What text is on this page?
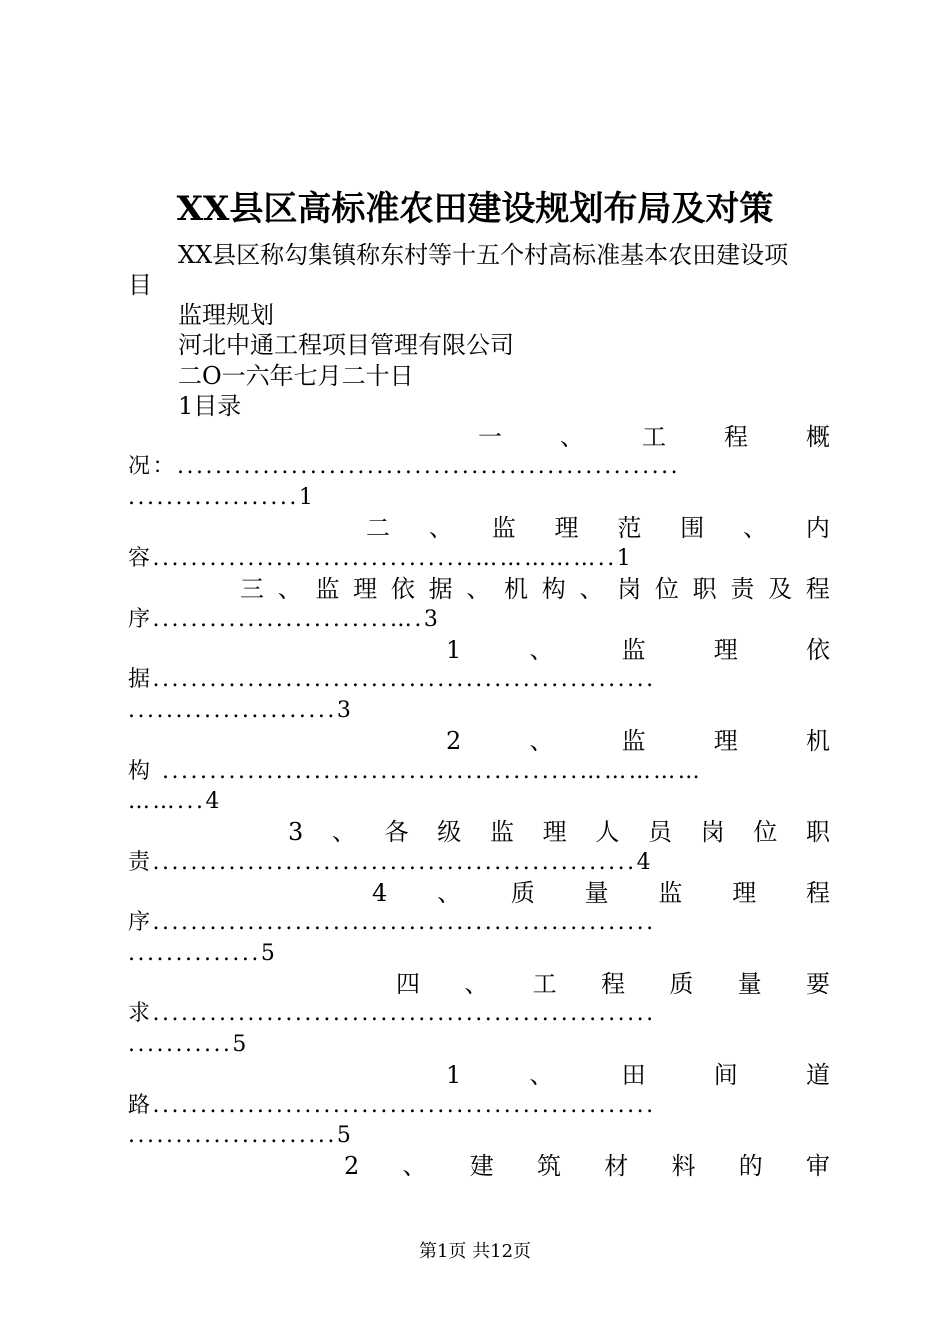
XX县区高标准农田建设规划布局及对策
XX县区称勾集镇称东村等十五个村高标准基本农田建设项
目
监理规划
河北中通工程项目管理有限公司
二O一六年七月二十日
1目录
一 、 工 程 概
况：.....................................................
..................1
二 、 监 理 范 围 、 内
容..................................……………..1
三 、 监 理 依 据 、 机 构 、 岗 位 职 责 及 程
序.........................….3
1	、	监	理	依
据.....................................................
......................3
2	、	监	理	机
构 ............................................……………
……...4
3 、 各 级 监 理 人 员 岗 位 职
责...................................................4
4 、 质 量 监 理 程
序.....................................................
..............5
四 、 工 程 质 量 要
求.....................................................
...........5
1	、	田	间	道
路.....................................................
......................5
2 、 建 筑 材 料 的 审
第1页 共12页
